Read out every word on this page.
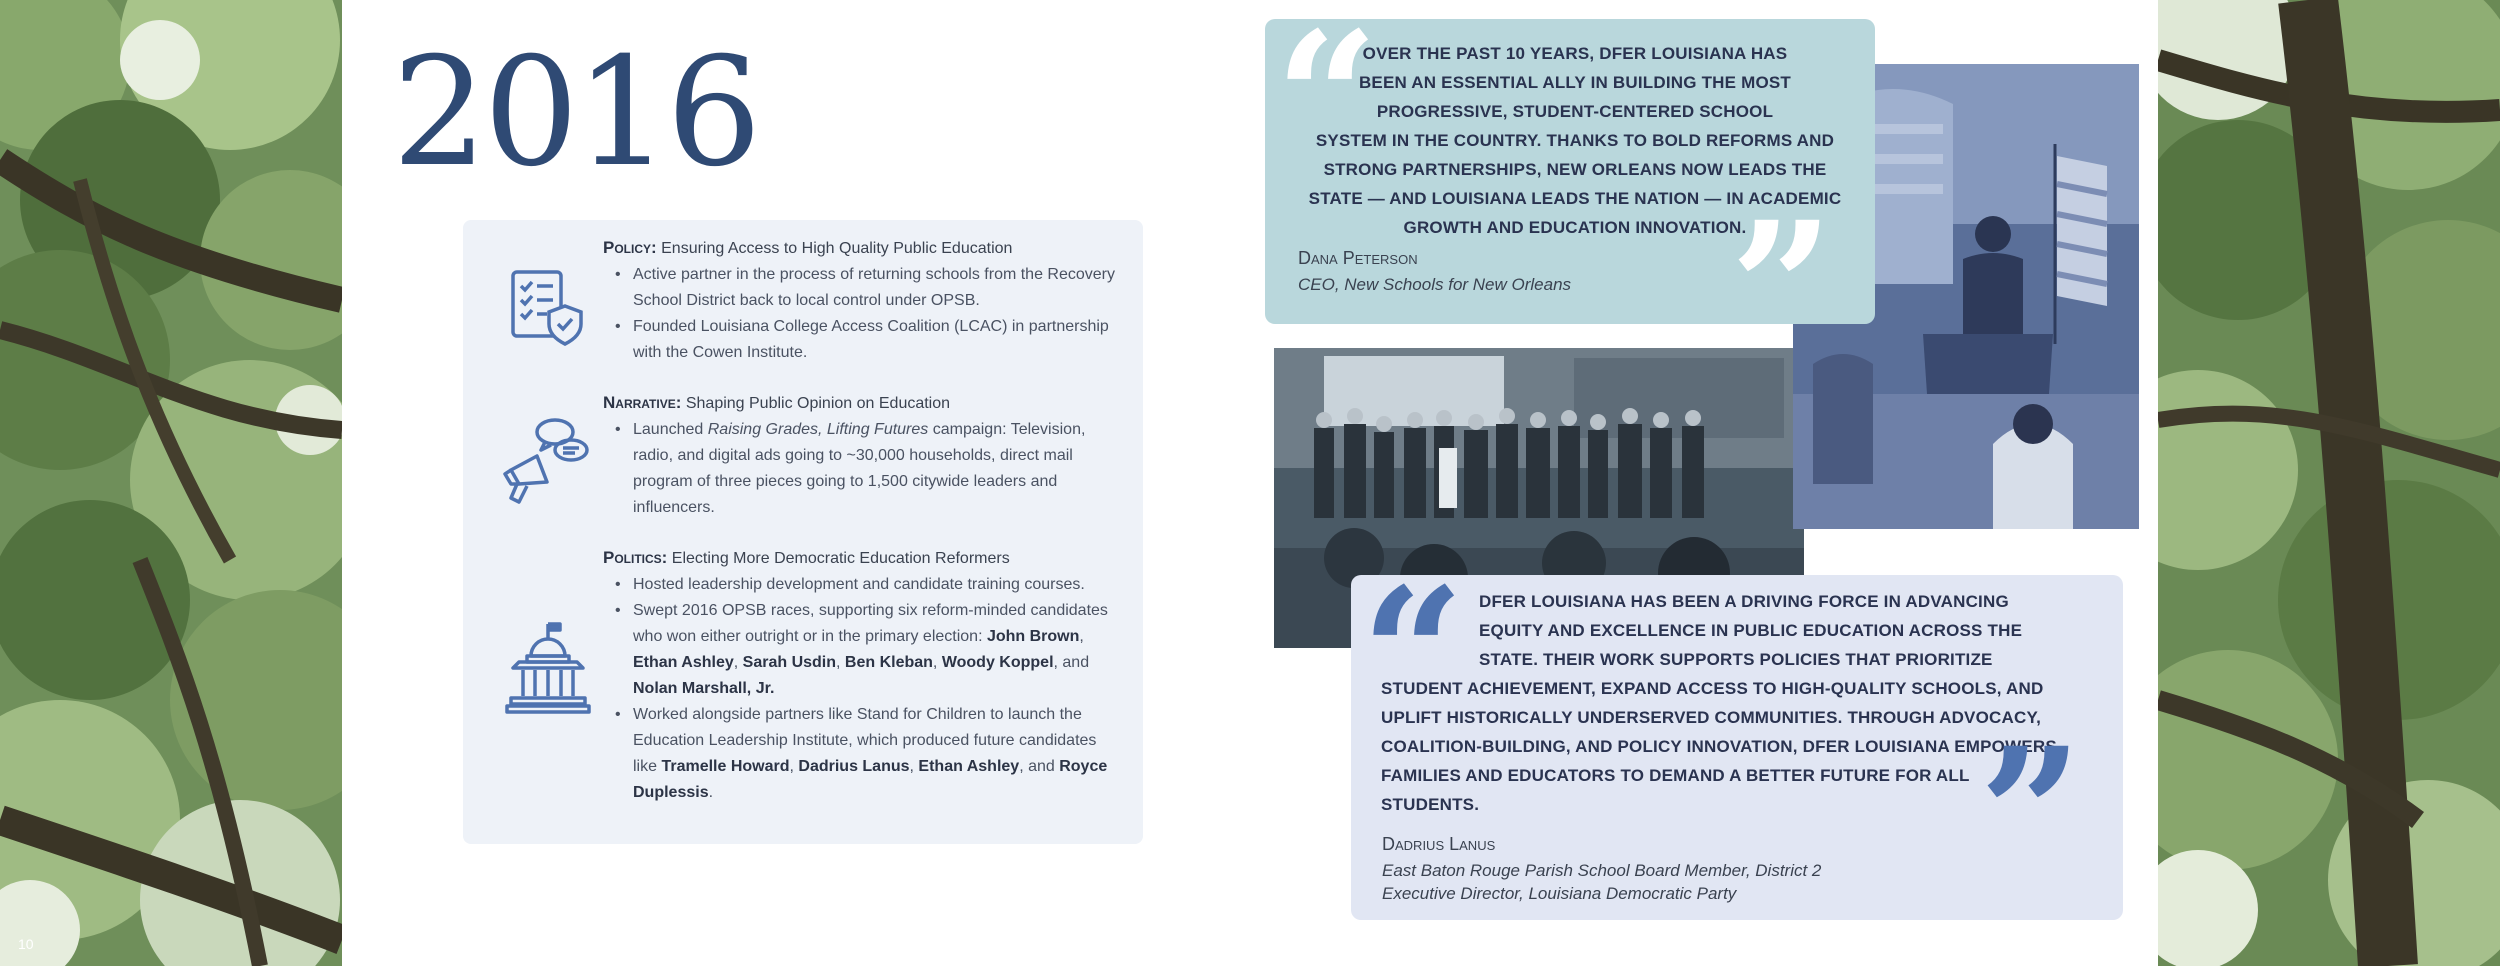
10
2016
Policy: Ensuring Access to High Quality Public Education
• Active partner in the process of returning schools from the Recovery School District back to local control under OPSB.
• Founded Louisiana College Access Coalition (LCAC) in partnership with the Cowen Institute.
Narrative: Shaping Public Opinion on Education
• Launched Raising Grades, Lifting Futures campaign: Television, radio, and digital ads going to ~30,000 households, direct mail program of three pieces going to 1,500 citywide leaders and influencers.
Politics: Electing More Democratic Education Reformers
• Hosted leadership development and candidate training courses.
• Swept 2016 OPSB races, supporting six reform-minded candidates who won either outright or in the primary election: John Brown, Ethan Ashley, Sarah Usdin, Ben Kleban, Woody Koppel, and Nolan Marshall, Jr.
• Worked alongside partners like Stand for Children to launch the Education Leadership Institute, which produced future candidates like Tramelle Howard, Dadrius Lanus, Ethan Ashley, and Royce Duplessis.
“
OVER THE PAST 10 YEARS, DFER LOUISIANA HAS
BEEN AN ESSENTIAL ALLY IN BUILDING THE MOST
PROGRESSIVE, STUDENT-CENTERED SCHOOL
SYSTEM IN THE COUNTRY. THANKS TO BOLD REFORMS AND
STRONG PARTNERSHIPS, NEW ORLEANS NOW LEADS THE
STATE — AND LOUISIANA LEADS THE NATION — IN ACADEMIC
GROWTH AND EDUCATION INNOVATION.
Dana Peterson
CEO, New Schools for New Orleans ”
“ DFER LOUISIANA HAS BEEN A DRIVING FORCE IN ADVANCING
EQUITY AND EXCELLENCE IN PUBLIC EDUCATION ACROSS THE
STATE. THEIR WORK SUPPORTS POLICIES THAT PRIORITIZE
STUDENT ACHIEVEMENT, EXPAND ACCESS TO HIGH-QUALITY SCHOOLS, AND
UPLIFT HISTORICALLY UNDERSERVED COMMUNITIES. THROUGH ADVOCACY,
COALITION-BUILDING, AND POLICY INNOVATION, DFER LOUISIANA EMPOWERS
FAMILIES AND EDUCATORS TO DEMAND A BETTER FUTURE FOR ALL
STUDENTS.
Dadrius Lanus
East Baton Rouge Parish School Board Member, District 2
Executive Director, Louisiana Democratic Party ”
